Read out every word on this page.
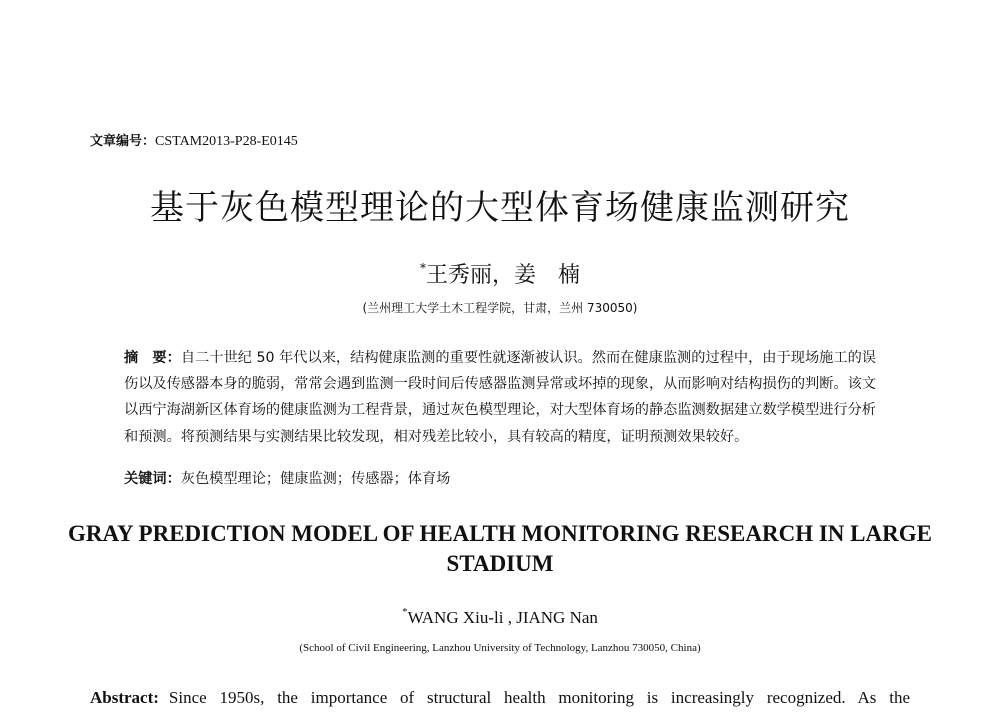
文章编号：CSTAM2013-P28-E0145
基于灰色模型理论的大型体育场健康监测研究
*王秀丽，姜　楠
(兰州理工大学土木工程学院，甘肃，兰州 730050)
摘　要：自二十世纪 50 年代以来，结构健康监测的重要性就逐渐被认识。然而在健康监测的过程中，由于现场施工的误伤以及传感器本身的脆弱，常常会遇到监测一段时间后传感器监测异常或坏掉的现象，从而影响对结构损伤的判断。该文以西宁海湖新区体育场的健康监测为工程背景，通过灰色模型理论，对大型体育场的静态监测数据建立数学模型进行分析和预测。将预测结果与实测结果比较发现，相对残差比较小，具有较高的精度，证明预测效果较好。
关键词：灰色模型理论；健康监测；传感器；体育场
GRAY PREDICTION MODEL OF HEALTH MONITORING RESEARCH IN LARGE STADIUM
*WANG Xiu-li , JIANG Nan
(School of Civil Engineering, Lanzhou University of Technology, Lanzhou 730050, China)
Abstract: Since 1950s, the importance of structural health monitoring is increasingly recognized. As the
